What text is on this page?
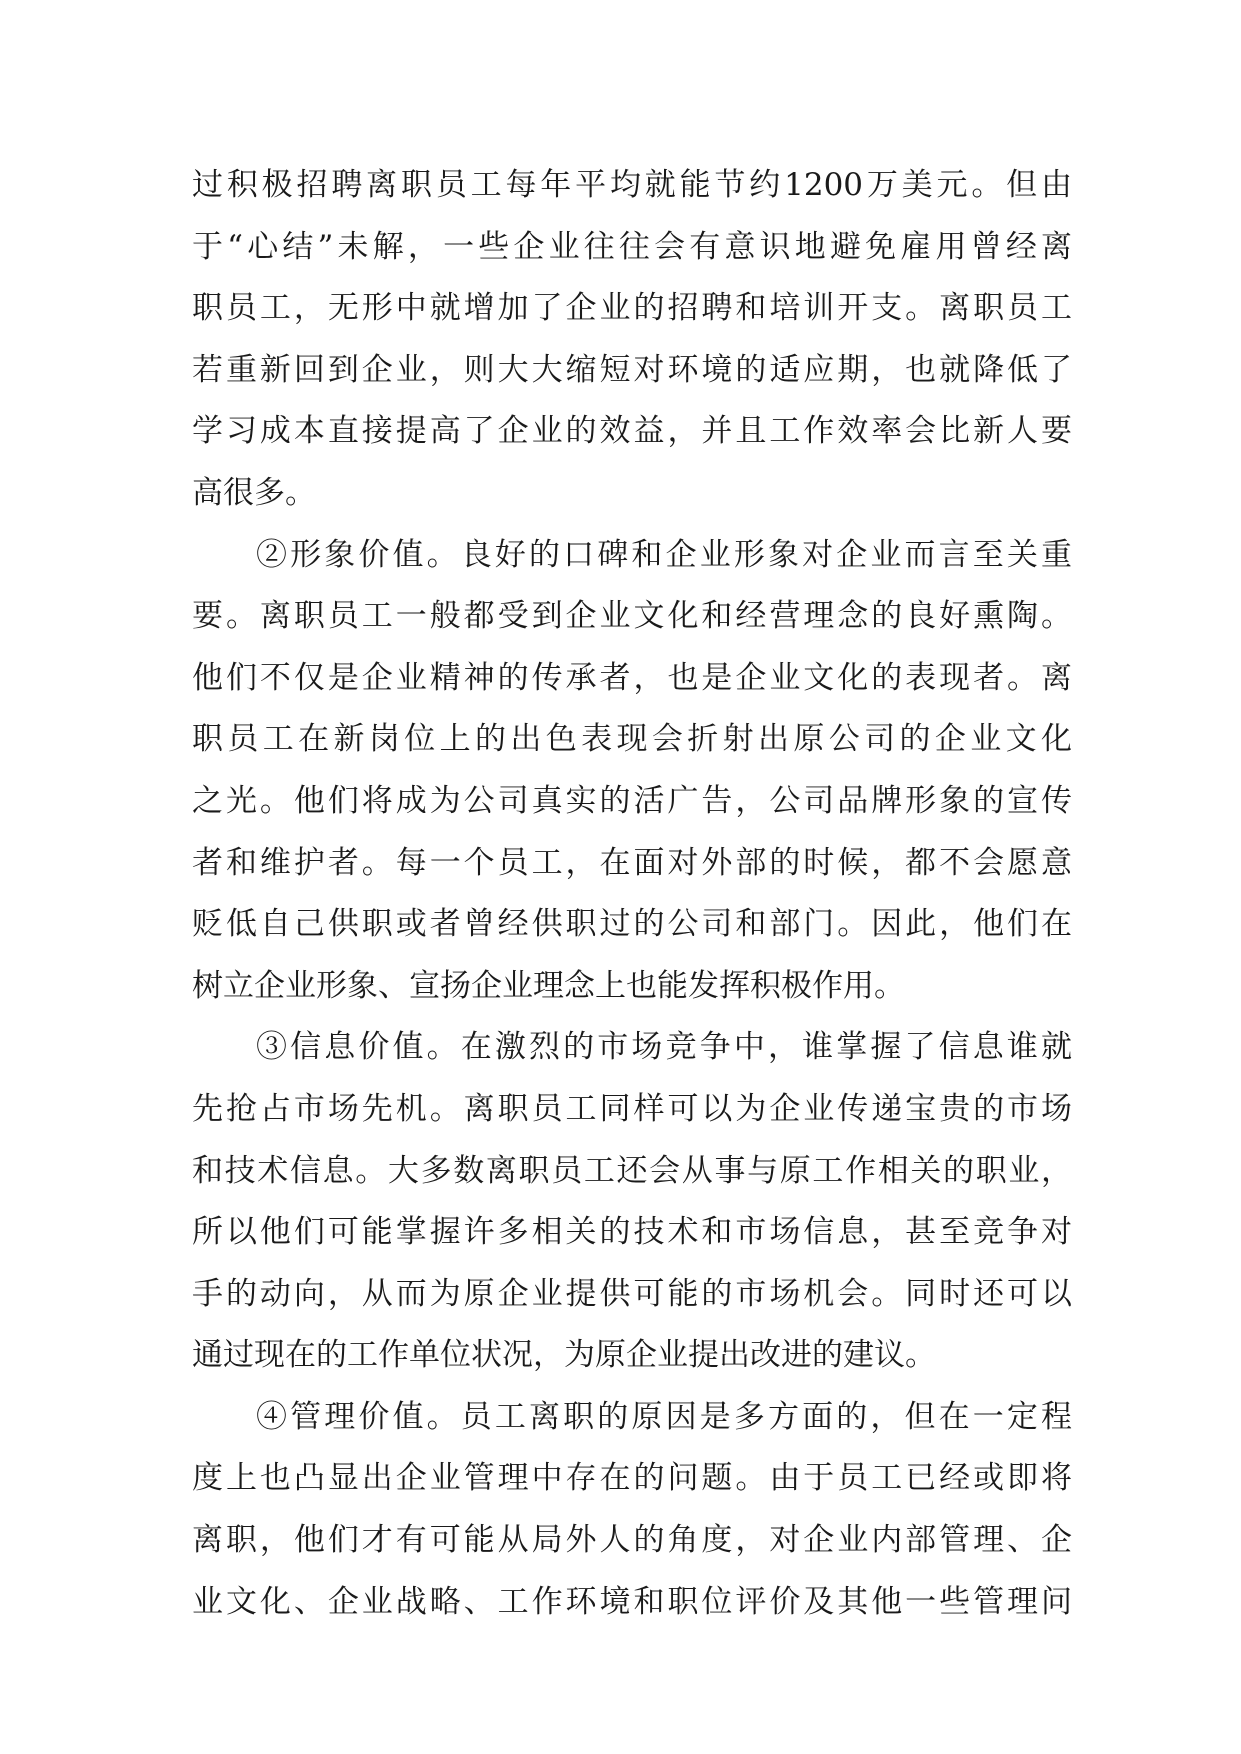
过积极招聘离职员工每年平均就能节约1200万美元。但由
于“心结”未解，一些企业往往会有意识地避免雇用曾经离
职员工，无形中就增加了企业的招聘和培训开支。离职员工
若重新回到企业，则大大缩短对环境的适应期，也就降低了
学习成本直接提高了企业的效益，并且工作效率会比新人要
高很多。
②形象价值。良好的口碑和企业形象对企业而言至关重
要。离职员工一般都受到企业文化和经营理念的良好熏陶。
他们不仅是企业精神的传承者，也是企业文化的表现者。离
职员工在新岗位上的出色表现会折射出原公司的企业文化
之光。他们将成为公司真实的活广告，公司品牌形象的宣传
者和维护者。每一个员工，在面对外部的时候，都不会愿意
贬低自己供职或者曾经供职过的公司和部门。因此，他们在
树立企业形象、宣扬企业理念上也能发挥积极作用。
③信息价值。在激烈的市场竞争中，谁掌握了信息谁就
先抢占市场先机。离职员工同样可以为企业传递宝贵的市场
和技术信息。大多数离职员工还会从事与原工作相关的职业，
所以他们可能掌握许多相关的技术和市场信息，甚至竞争对
手的动向，从而为原企业提供可能的市场机会。同时还可以
通过现在的工作单位状况，为原企业提出改进的建议。
④管理价值。员工离职的原因是多方面的，但在一定程
度上也凸显出企业管理中存在的问题。由于员工已经或即将
离职，他们才有可能从局外人的角度，对企业内部管理、企
业文化、企业战略、工作环境和职位评价及其他一些管理问
